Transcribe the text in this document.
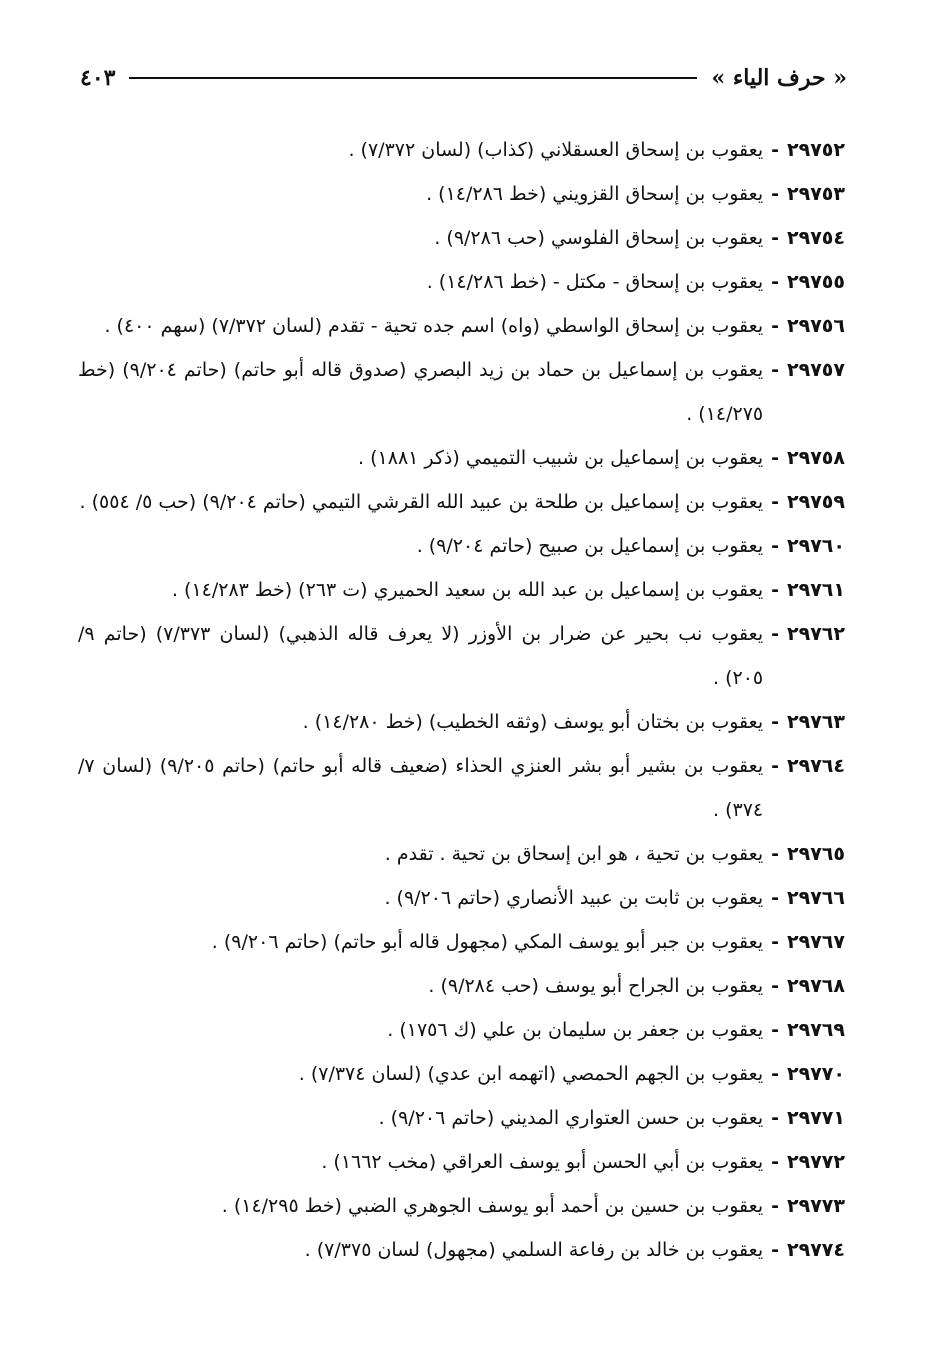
« حرف الياء »
٤٠٣
٢٩٧٥٢
-
يعقوب بن إسحاق العسقلاني (كذاب) (لسان ٧/٣٧٢) .
٢٩٧٥٣
-
يعقوب بن إسحاق القزويني (خط ١٤/٢٨٦) .
٢٩٧٥٤
-
يعقوب بن إسحاق الفلوسي (حب ٩/٢٨٦) .
٢٩٧٥٥
-
يعقوب بن إسحاق - مكتل - (خط ١٤/٢٨٦) .
٢٩٧٥٦
-
يعقوب بن إسحاق الواسطي (واه) اسم جده تحية - تقدم (لسان ٧/٣٧٢) (سهم ٤٠٠) .
٢٩٧٥٧
-
يعقوب بن إسماعيل بن حماد بن زيد البصري (صدوق قاله أبو حاتم) (حاتم ٩/٢٠٤) (خط ١٤/٢٧٥) .
٢٩٧٥٨
-
يعقوب بن إسماعيل بن شبيب التميمي (ذكر ١٨٨١) .
٢٩٧٥٩
-
يعقوب بن إسماعيل بن طلحة بن عبيد الله القرشي التيمي (حاتم ٩/٢٠٤) (حب ٥/ ٥٥٤) .
٢٩٧٦٠
-
يعقوب بن إسماعيل بن صبيح (حاتم ٩/٢٠٤) .
٢٩٧٦١
-
يعقوب بن إسماعيل بن عبد الله بن سعيد الحميري (ت ٢٦٣) (خط ١٤/٢٨٣) .
٢٩٧٦٢
-
يعقوب نب بحير عن ضرار بن الأوزر (لا يعرف قاله الذهبي) (لسان ٧/٣٧٣) (حاتم ٩/ ٢٠٥) .
٢٩٧٦٣
-
يعقوب بن بختان أبو يوسف (وثقه الخطيب) (خط ١٤/٢٨٠) .
٢٩٧٦٤
-
يعقوب بن بشير أبو بشر العنزي الحذاء (ضعيف قاله أبو حاتم) (حاتم ٩/٢٠٥) (لسان ٧/ ٣٧٤) .
٢٩٧٦٥
-
يعقوب بن تحية ، هو ابن إسحاق بن تحية . تقدم .
٢٩٧٦٦
-
يعقوب بن ثابت بن عبيد الأنصاري (حاتم ٩/٢٠٦) .
٢٩٧٦٧
-
يعقوب بن جبر أبو يوسف المكي (مجهول قاله أبو حاتم) (حاتم ٩/٢٠٦) .
٢٩٧٦٨
-
يعقوب بن الجراح أبو يوسف (حب ٩/٢٨٤) .
٢٩٧٦٩
-
يعقوب بن جعفر بن سليمان بن علي (ك ١٧٥٦) .
٢٩٧٧٠
-
يعقوب بن الجهم الحمصي (اتهمه ابن عدي) (لسان ٧/٣٧٤) .
٢٩٧٧١
-
يعقوب بن حسن العتواري المديني (حاتم ٩/٢٠٦) .
٢٩٧٧٢
-
يعقوب بن أبي الحسن أبو يوسف العراقي (مخب ١٦٦٢) .
٢٩٧٧٣
-
يعقوب بن حسين بن أحمد أبو يوسف الجوهري الضبي (خط ١٤/٢٩٥) .
٢٩٧٧٤
-
يعقوب بن خالد بن رفاعة السلمي (مجهول) لسان ٧/٣٧٥) .
